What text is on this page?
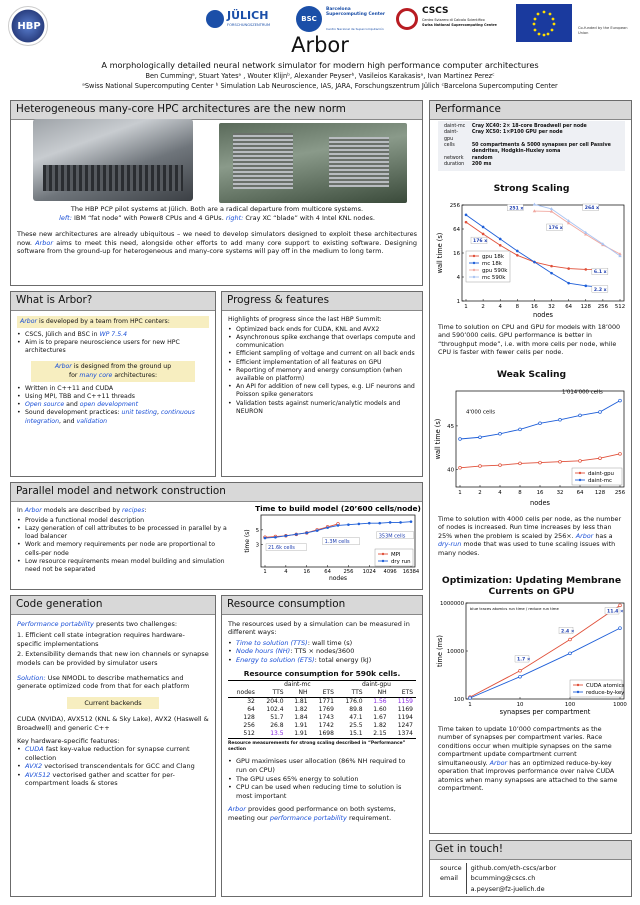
HBP
JÜLICH
FORSCHUNGSZENTRUM
BSC
Barcelona Supercomputing Center
Centro Nacional de Supercomputación
CSCS
Centro Svizzero di Calcolo Scientifico
Swiss National Supercomputing Centre
Co-funded by the European Union
Arbor
A morphologically detailed neural network simulator for modern high performance computer architectures
Ben Cummingᵃ, Stuart Yatesᵃ , Wouter Klijnᵇ, Alexander Peyserᵇ, Vasileios Karakasisᵃ, Ivan Martinez Perezᶜ
ᵃSwiss National Supercomputing Center ᵇ Simulation Lab Neuroscience, IAS, JARA, Forschungszentrum Jülich ᶜBarcelona Supercomputing Center
Heterogeneous many-core HPC architectures are the new norm
The HBP PCP pilot systems at Jülich. Both are a radical departure from multicore systems.
left: IBM “fat node” with Power8 CPUs and 4 GPUs. right: Cray XC “blade” with 4 Intel KNL nodes.
These new architectures are already ubiquitous – we need to develop simulators designed to exploit these architectures now. Arbor aims to meet this need, alongside other efforts to add many core support to existing software. Designing software from the ground-up for heterogeneous and many-core systems will pay off in the medium to long term.
What is Arbor?
Arbor is developed by a team from HPC centers:
• CSCS, Jülich and BSC in WP 7.5.4
• Aim is to prepare neuroscience users for new HPC architectures
Arbor is designed from the ground up
for many core architectures:
• Written in C++11 and CUDA
• Using MPI, TBB and C++11 threads
• Open source and open development
• Sound development practices: unit testing, continuous integration, and validation
Progress & features
Highlights of progress since the last HBP Summit:
• Optimized back ends for CUDA, KNL and AVX2
• Asynchronous spike exchange that overlaps compute and communication
• Efficient sampling of voltage and current on all back ends
• Efficient implementation of all features on GPU
• Reporting of memory and energy consumption (when available on platform)
• An API for addition of new cell types, e.g. LIF neurons and Poisson spike generators
• Validation tests against numeric/analytic models and NEURON
Parallel model and network construction
In Arbor models are described by recipes:
• Provide a functional model description
• Lazy generation of cell attributes to be processed in parallel by a load balancer
• Work and memory requirements per node are proportional to cells-per node
• Low resource requirements mean model building and simulation need not be separated
Time to build model (20’600 cells/node)
1	4	16	64 256 1024 4096 16384
3
5
nodes
time (s)	21.6k cells
1.3M cells
353M cells
MPI
dry run
Code generation
Performance portability presents two challenges:
1. Efficient cell state integration requires hardware-specific implementations
2. Extensibility demands that new ion channels or synapse models can be provided by simulator users
Solution: Use NMODL to describe mathematics and generate optimized code from that for each platform
Current backends
CUDA (NVIDA), AVX512 (KNL & Sky Lake), AVX2 (Haswell & Broadwell) and generic C++
Key hardware-specific features:
• CUDA fast key-value reduction for synapse current collection
• AVX2 vectorised transcendentals for GCC and Clang
• AVX512 vectorised gather and scatter for per-compartment loads & stores
Resource consumption
The resources used by a simulation can be measured in different ways:
• Time to solution (TTS): wall time (s)
• Node hours (NH): TTS × nodes/3600
• Energy to solution (ETS): total energy (kJ)
Resource consumption for 590k cells.
	daint-mc			daint-gpu		
nodes	TTS	NH	ETS	TTS	NH	ETS
32	204.0	1.81	1771	176.0	1.56	1159
64	102.4	1.82	1769	89.8	1.60	1169
128	51.7	1.84	1743	47.1	1.67	1194
256	26.8	1.91	1742	25.5	1.82	1247
512	13.5	1.91	1698	15.1	2.15	1374
Resource measurements for strong scaling described in “Performance” section
• GPU maximises user allocation (86% NH required to run on CPU)
• The GPU uses 65% energy to solution
• CPU can be used when reducing time to solution is most important
Arbor provides good performance on both systems, meeting our performance portability requirement.
Performance
daint-mc	Cray XC40: 2× 18-core Broadwell per node
daint-gpu	Cray XC50: 1×P100 GPU per node
cells	50 compartments & 5000 synapses per cell Passive dendrites, Hodgkin-Huxley soma
network	random
duration	200 ms
Strong Scaling
1	2	4	8 16 32 64 128 256 512
1
4
16
64
256
nodes
wall time (s)
251 x	264 x
176 x
176 x
6.1 x
2.2 x
gpu 18k
mc 18k
gpu 590k
mc 590k
Time to solution on CPU and GPU for models with 18’000 and 590’000 cells. GPU performance is better in “throughput mode”, i.e. with more cells per node, while CPU is faster with fewer cells per node.
Weak Scaling
1	2	4	8	16 32 64 128 256
40
45
nodes
wall time (s)
4'000 cells
1'014'000 cells
daint-gpu
daint-mc
Time to solution with 4000 cells per node, as the number of nodes is increased. Run time increases by less than 25% when the problem is scaled by 256×. Arbor has a dry-run mode that was used to tune scaling issues with many nodes.
Optimization: Updating Membrane Currents on GPU
1	10	100	1000
100
10000
1000000
synapses per compartment
time (ms)
blue traces atomics run time / reduce run time
1.7 ×
2.4 ×
11.4 ×
CUDA atomics
reduce-by-key
Time taken to update 10’000 compartments as the number of synapses per compartment varies. Race conditions occur when multiple synapses on the same compartment update compartment current simultaneously. Arbor has an optimized reduce-by-key operation that improves performance over naive CUDA atomics when many synapses are attached to the same compartment.
Get in touch!
source	github.com/eth-cscs/arbor
email	bcumming@cscs.ch
	a.peyser@fz-juelich.de
